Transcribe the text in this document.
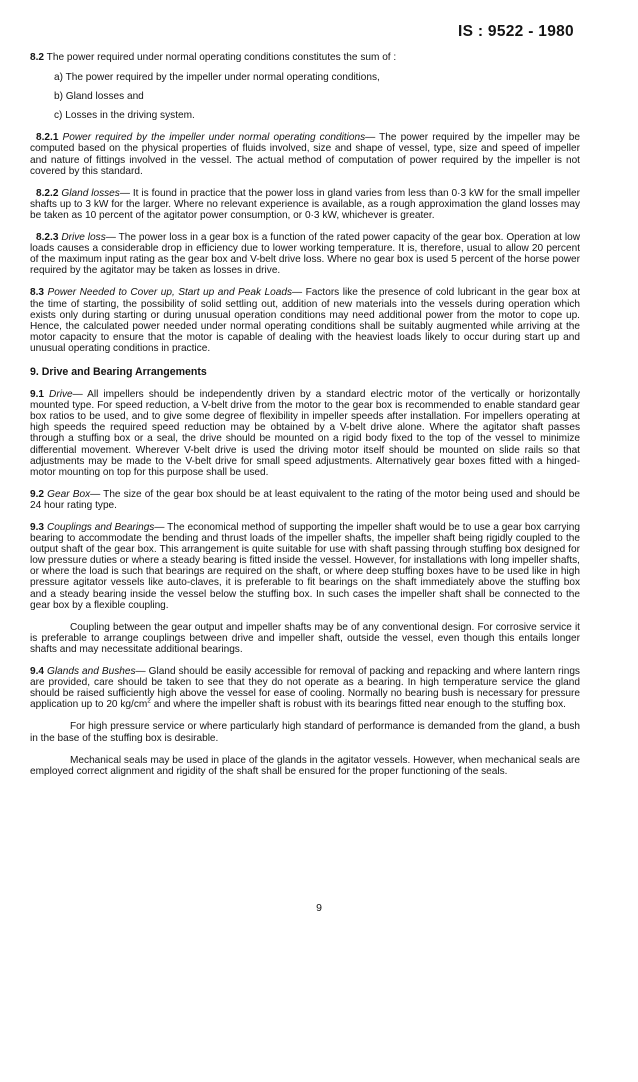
IS : 9522 - 1980

8.2 The power required under normal operating conditions constitutes the sum of :

a) The power required by the impeller under normal operating conditions,
b) Gland losses and
c) Losses in the driving system.

8.2.1 Power required by the impeller under normal operating conditions— The power required by the impeller may be computed based on the physical properties of fluids involved, size and shape of vessel, type, size and speed of impeller and nature of fittings involved in the vessel. The actual method of computation of power required by the impeller is not covered by this standard.

8.2.2 Gland losses— It is found in practice that the power loss in gland varies from less than 0·3 kW for the small impeller shafts up to 3 kW for the larger. Where no relevant experience is available, as a rough approximation the gland losses may be taken as 10 percent of the agitator power consumption, or 0·3 kW, whichever is greater.

8.2.3 Drive loss— The power loss in a gear box is a function of the rated power capacity of the gear box. Operation at low loads causes a considerable drop in efficiency due to lower working temperature. It is, therefore, usual to allow 20 percent of the maximum input rating as the gear box and V-belt drive loss. Where no gear box is used 5 percent of the horse power required by the agitator may be taken as losses in drive.

8.3 Power Needed to Cover up, Start up and Peak Loads— Factors like the presence of cold lubricant in the gear box at the time of starting, the possibility of solid settling out, addition of new materials into the vessels during operation which exists only during starting or during unusual operation conditions may need additional power from the motor to cope up. Hence, the calculated power needed under normal operating conditions shall be suitably augmented while arriving at the motor capacity to ensure that the motor is capable of dealing with the heaviest loads likely to occur during start up and unusual operating conditions in practice.

9. Drive and Bearing Arrangements

9.1 Drive— All impellers should be independently driven by a standard electric motor of the vertically or horizontally mounted type. For speed reduction, a V-belt drive from the motor to the gear box is recommended to enable standard gear box ratios to be used, and to give some degree of flexibility in impeller speeds after installation. For impellers operating at high speeds the required speed reduction may be obtained by a V-belt drive alone. Where the agitator shaft passes through a stuffing box or a seal, the drive should be mounted on a rigid body fixed to the top of the vessel to minimize differential movement. Wherever V-belt drive is used the driving motor itself should be mounted on slide rails so that adjustments may be made to the V-belt drive for small speed adjustments. Alternatively gear boxes fitted with a hinged-motor mounting on top for this purpose shall be used.

9.2 Gear Box— The size of the gear box should be at least equivalent to the rating of the motor being used and should be 24 hour rating type.

9.3 Couplings and Bearings— The economical method of supporting the impeller shaft would be to use a gear box carrying bearing to accommodate the bending and thrust loads of the impeller shafts, the impeller shaft being rigidly coupled to the output shaft of the gear box. This arrangement is quite suitable for use with shaft passing through stuffing box designed for low pressure duties or where a steady bearing is fitted inside the vessel. However, for installations with long impeller shafts, or where the load is such that bearings are required on the shaft, or where deep stuffing boxes have to be used like in high pressure agitator vessels like auto-claves, it is preferable to fit bearings on the shaft immediately above the stuffing box and a steady bearing inside the vessel below the stuffing box. In such cases the impeller shaft shall be connected to the gear box by a flexible coupling.

Coupling between the gear output and impeller shafts may be of any conventional design. For corrosive service it is preferable to arrange couplings between drive and impeller shaft, outside the vessel, even though this entails longer shafts and may necessitate additional bearings.

9.4 Glands and Bushes— Gland should be easily accessible for removal of packing and repacking and where lantern rings are provided, care should be taken to see that they do not operate as a bearing. In high temperature service the gland should be raised sufficiently high above the vessel for ease of cooling. Normally no bearing bush is necessary for pressure application up to 20 $kg/cm^2$ and where the impeller shaft is robust with its bearings fitted near enough to the stuffing box.

For high pressure service or where particularly high standard of performance is demanded from the gland, a bush in the base of the stuffing box is desirable.

Mechanical seals may be used in place of the glands in the agitator vessels. However, when mechanical seals are employed correct alignment and rigidity of the shaft shall be ensured for the proper functioning of the seals.

9
